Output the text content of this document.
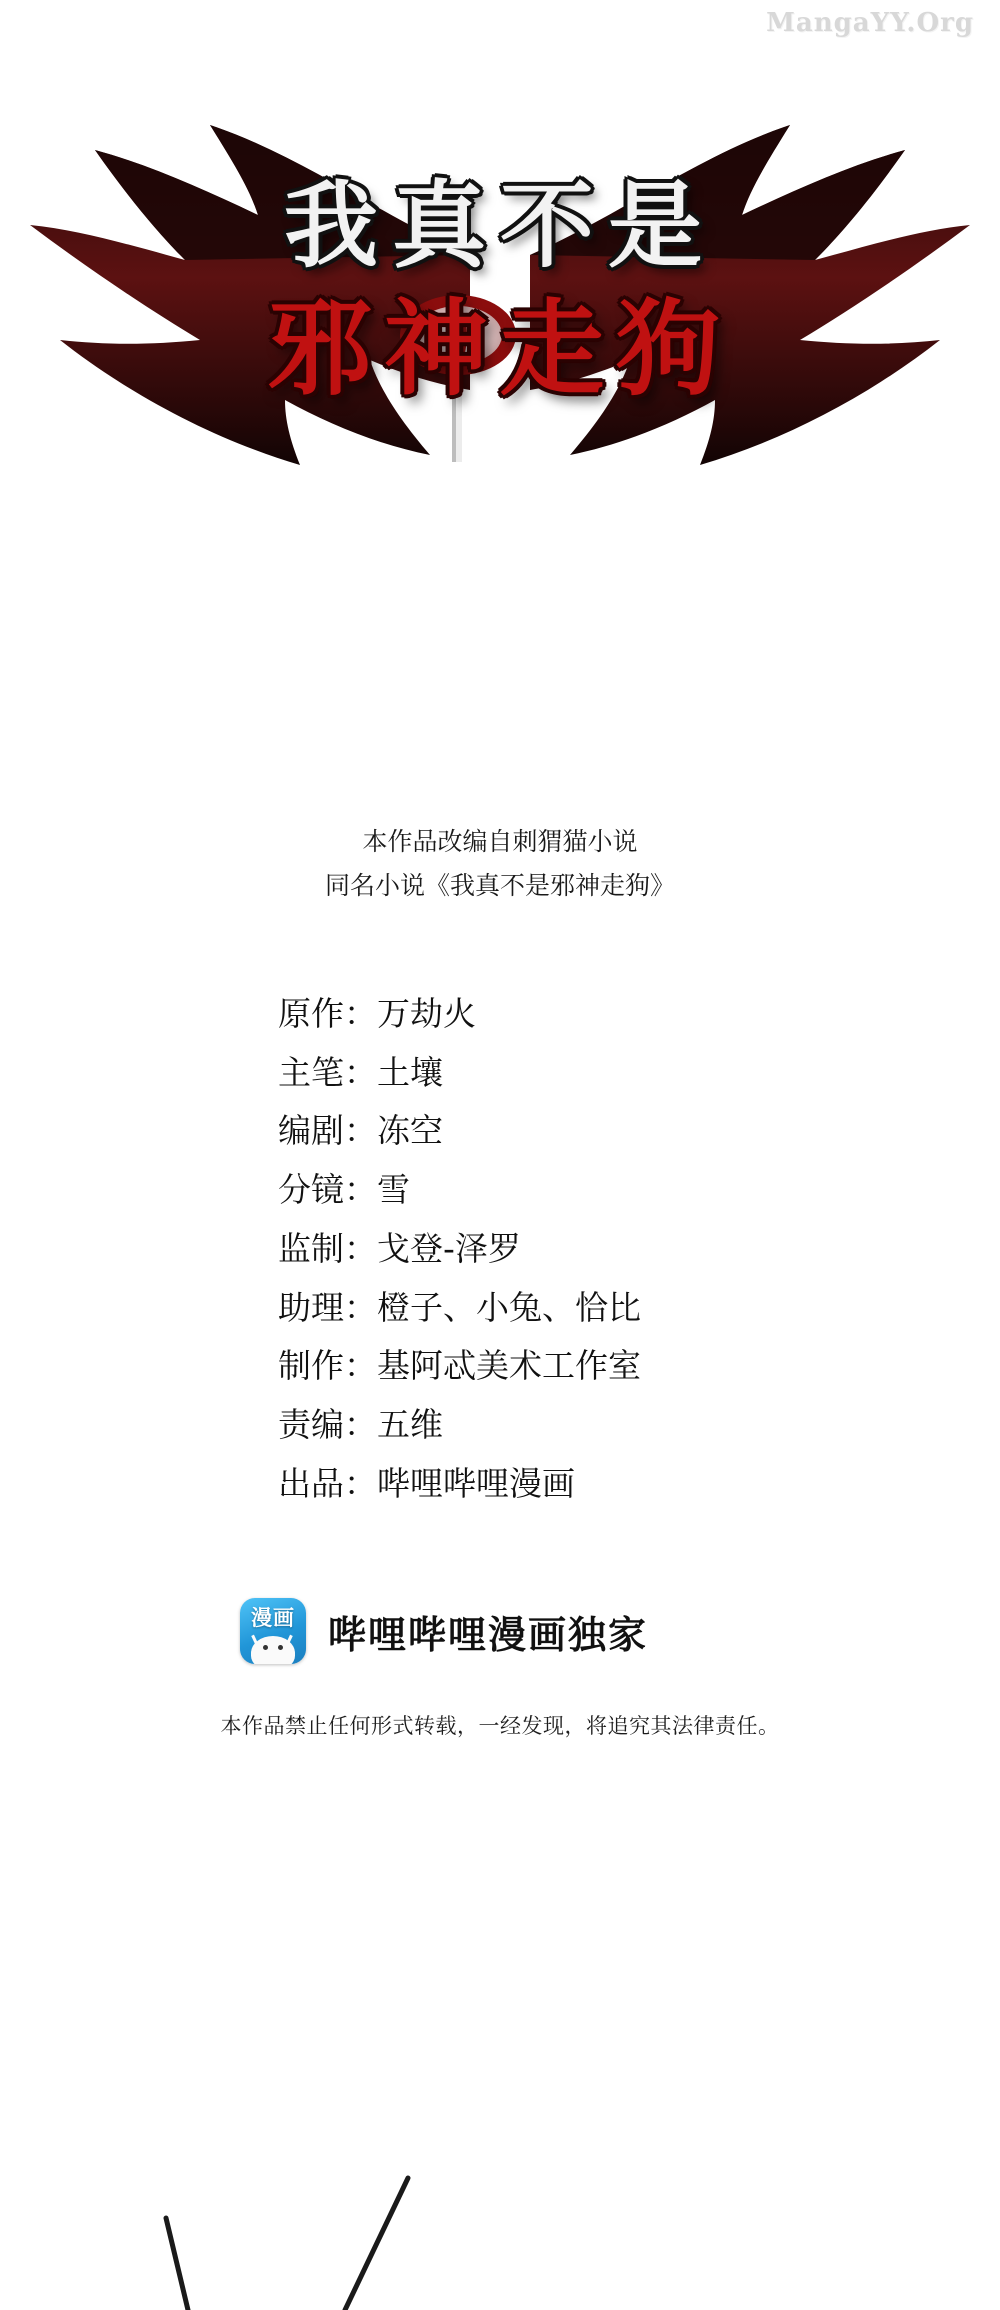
MangaYY.Org
我真不是
邪神走狗
本作品改编自刺猬猫小说
同名小说《我真不是邪神走狗》
原作：万劫火
主笔：土壤
编剧：冻空
分镜：雪
监制：戈登-泽罗
助理：橙子、小兔、恰比
制作：基阿忒美术工作室
责编：五维
出品：哔哩哔哩漫画
漫画 哔哩哔哩漫画独家
本作品禁止任何形式转载，一经发现，将追究其法律责任。
